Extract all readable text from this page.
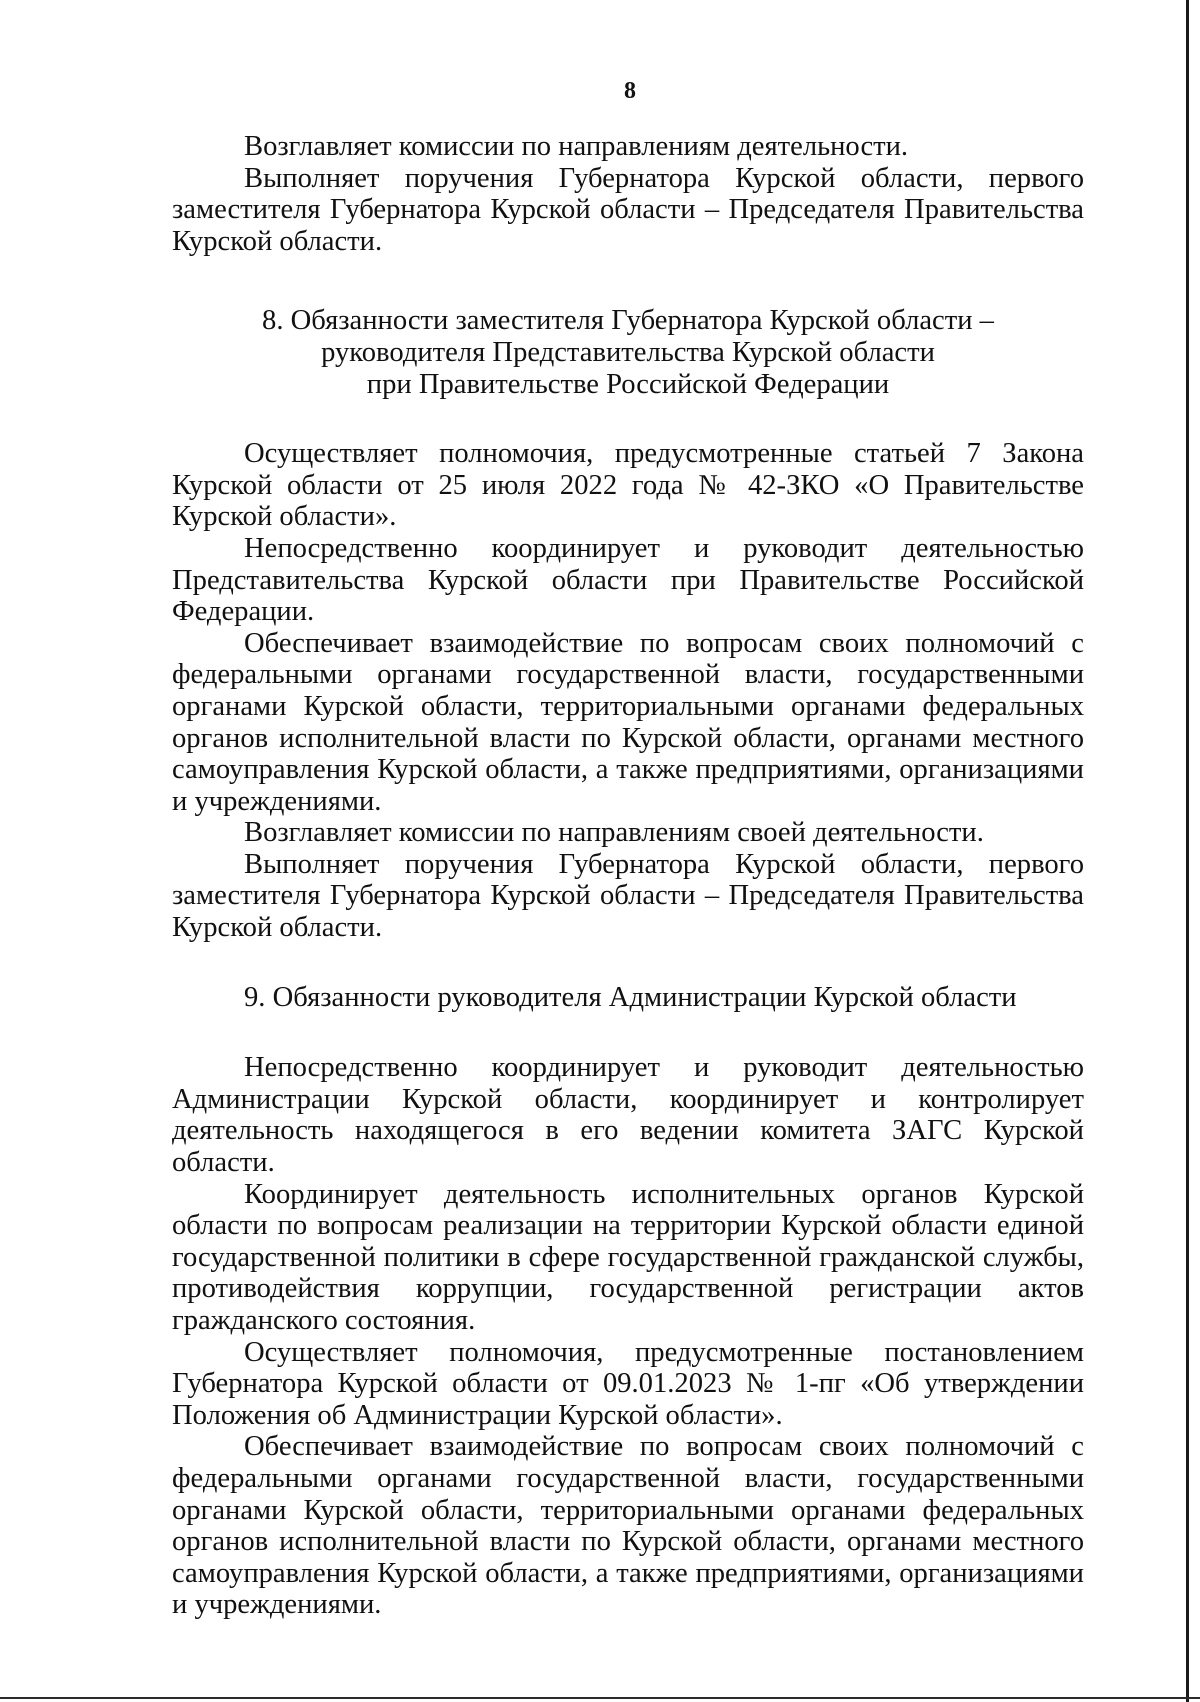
8

Возглавляет комиссии по направлениям деятельности.

Выполняет поручения Губернатора Курской области, первого заместителя Губернатора Курской области – Председателя Правительства Курской области.

8. Обязанности заместителя Губернатора Курской области –
руководителя Представительства Курской области
при Правительстве Российской Федерации

Осуществляет полномочия, предусмотренные статьей 7 Закона Курской области от 25 июля 2022 года № 42-ЗКО «О Правительстве Курской области».

Непосредственно координирует и руководит деятельностью Представительства Курской области при Правительстве Российской Федерации.

Обеспечивает взаимодействие по вопросам своих полномочий с федеральными органами государственной власти, государственными органами Курской области, территориальными органами федеральных органов исполнительной власти по Курской области, органами местного самоуправления Курской области, а также предприятиями, организациями и учреждениями.

Возглавляет комиссии по направлениям своей деятельности.

Выполняет поручения Губернатора Курской области, первого заместителя Губернатора Курской области – Председателя Правительства Курской области.

9. Обязанности руководителя Администрации Курской области

Непосредственно координирует и руководит деятельностью Администрации Курской области, координирует и контролирует деятельность находящегося в его ведении комитета ЗАГС Курской области.

Координирует деятельность исполнительных органов Курской области по вопросам реализации на территории Курской области единой государственной политики в сфере государственной гражданской службы, противодействия коррупции, государственной регистрации актов гражданского состояния.

Осуществляет полномочия, предусмотренные постановлением Губернатора Курской области от 09.01.2023 № 1-пг «Об утверждении Положения об Администрации Курской области».

Обеспечивает взаимодействие по вопросам своих полномочий с федеральными органами государственной власти, государственными органами Курской области, территориальными органами федеральных органов исполнительной власти по Курской области, органами местного самоуправления Курской области, а также предприятиями, организациями и учреждениями.
